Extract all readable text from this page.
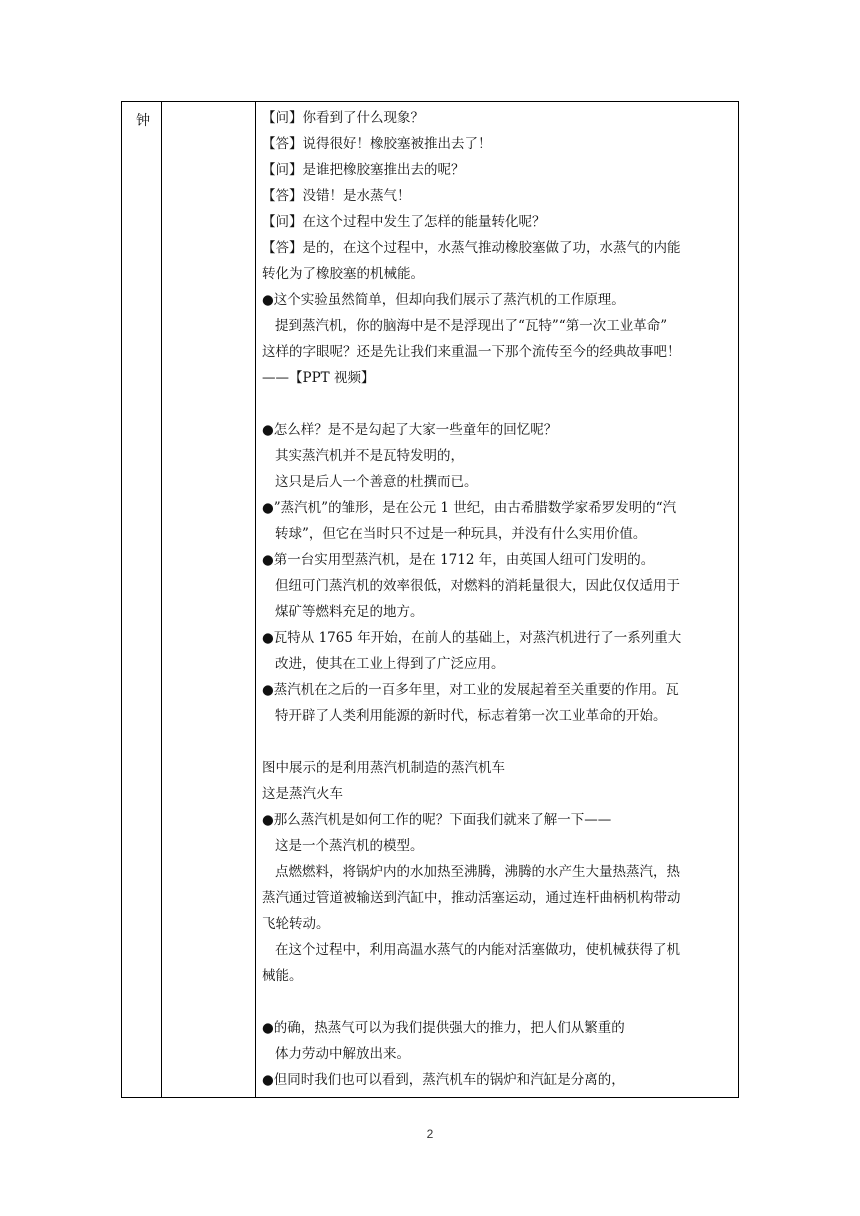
钟	【问】你看到了什么现象？
【答】说得很好！橡胶塞被推出去了！
【问】是谁把橡胶塞推出去的呢？
【答】没错！是水蒸气！
【问】在这个过程中发生了怎样的能量转化呢？
【答】是的，在这个过程中，水蒸气推动橡胶塞做了功，水蒸气的内能
转化为了橡胶塞的机械能。
●这个实验虽然简单，但却向我们展示了蒸汽机的工作原理。
提到蒸汽机，你的脑海中是不是浮现出了“瓦特”“第一次工业革命”
这样的字眼呢？还是先让我们来重温一下那个流传至今的经典故事吧！
——【PPT 视频】
●怎么样？是不是勾起了大家一些童年的回忆呢？
其实蒸汽机并不是瓦特发明的，
这只是后人一个善意的杜撰而已。
●”蒸汽机”的雏形，是在公元 1 世纪，由古希腊数学家希罗发明的“汽
转球”，但它在当时只不过是一种玩具，并没有什么实用价值。
●第一台实用型蒸汽机，是在 1712 年，由英国人纽可门发明的。
但纽可门蒸汽机的效率很低，对燃料的消耗量很大，因此仅仅适用于
煤矿等燃料充足的地方。
●瓦特从 1765 年开始，在前人的基础上，对蒸汽机进行了一系列重大
改进，使其在工业上得到了广泛应用。
●蒸汽机在之后的一百多年里，对工业的发展起着至关重要的作用。瓦
特开辟了人类利用能源的新时代，标志着第一次工业革命的开始。
图中展示的是利用蒸汽机制造的蒸汽机车
这是蒸汽火车
●那么蒸汽机是如何工作的呢？下面我们就来了解一下——
这是一个蒸汽机的模型。
点燃燃料，将锅炉内的水加热至沸腾，沸腾的水产生大量热蒸汽，热
蒸汽通过管道被输送到汽缸中，推动活塞运动，通过连杆曲柄机构带动
飞轮转动。
在这个过程中，利用高温水蒸气的内能对活塞做功，使机械获得了机
械能。
●的确，热蒸气可以为我们提供强大的推力，把人们从繁重的
体力劳动中解放出来。
●但同时我们也可以看到，蒸汽机车的锅炉和汽缸是分离的，
2
